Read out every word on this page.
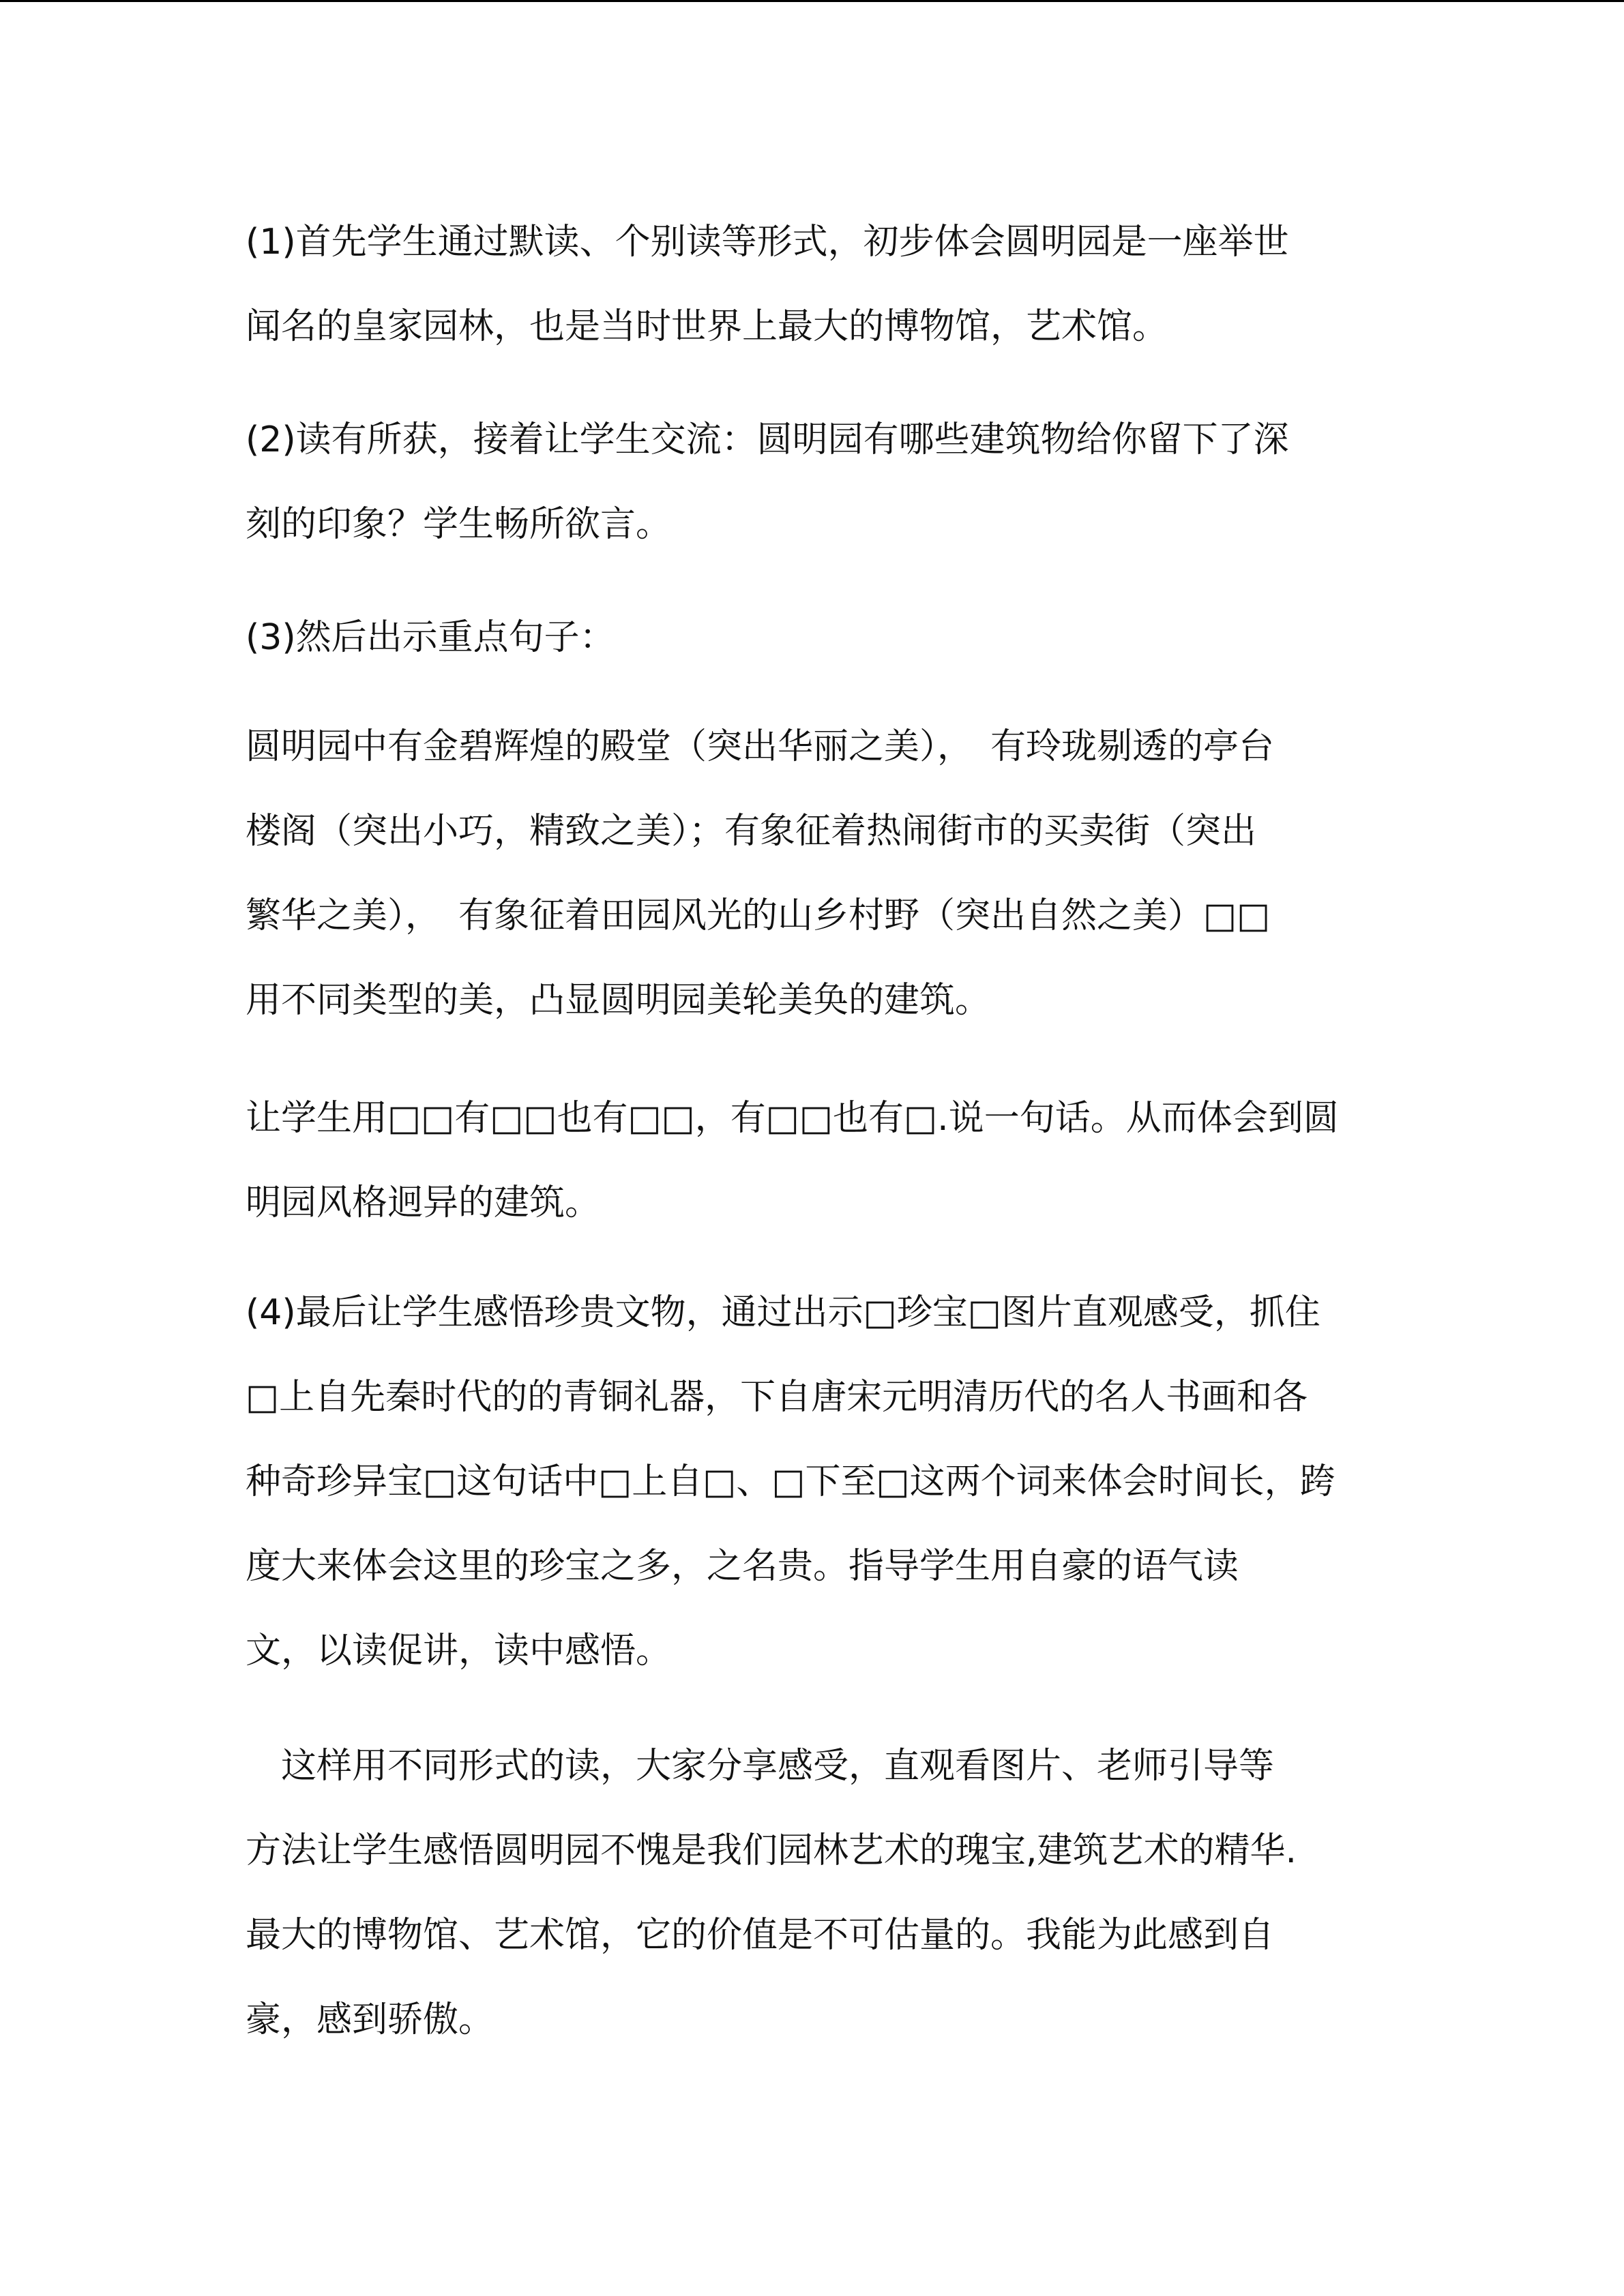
(1)首先学生通过默读、个别读等形式，初步体会圆明园是一座举世
闻名的皇家园林，也是当时世界上最大的博物馆，艺术馆。
(2)读有所获，接着让学生交流：圆明园有哪些建筑物给你留下了深
刻的印象？学生畅所欲言。
(3)然后出示重点句子：
圆明园中有金碧辉煌的殿堂（突出华丽之美），　有玲珑剔透的亭台
楼阁（突出小巧，精致之美）；有象征着热闹街市的买卖街（突出
繁华之美），　有象征着田园风光的山乡村野（突出自然之美）□□
用不同类型的美，凸显圆明园美轮美奂的建筑。
让学生用□□有□□也有□□，有□□也有□.说一句话。从而体会到圆
明园风格迥异的建筑。
(4)最后让学生感悟珍贵文物，通过出示□珍宝□图片直观感受，抓住
□上自先秦时代的的青铜礼器，下自唐宋元明清历代的名人书画和各
种奇珍异宝□这句话中□上自□、□下至□这两个词来体会时间长，跨
度大来体会这里的珍宝之多，之名贵。指导学生用自豪的语气读
文，以读促讲，读中感悟。
　这样用不同形式的读，大家分享感受，直观看图片、老师引导等
方法让学生感悟圆明园不愧是我们园林艺术的瑰宝,建筑艺术的精华.
最大的博物馆、艺术馆，它的价值是不可估量的。我能为此感到自
豪，感到骄傲。
